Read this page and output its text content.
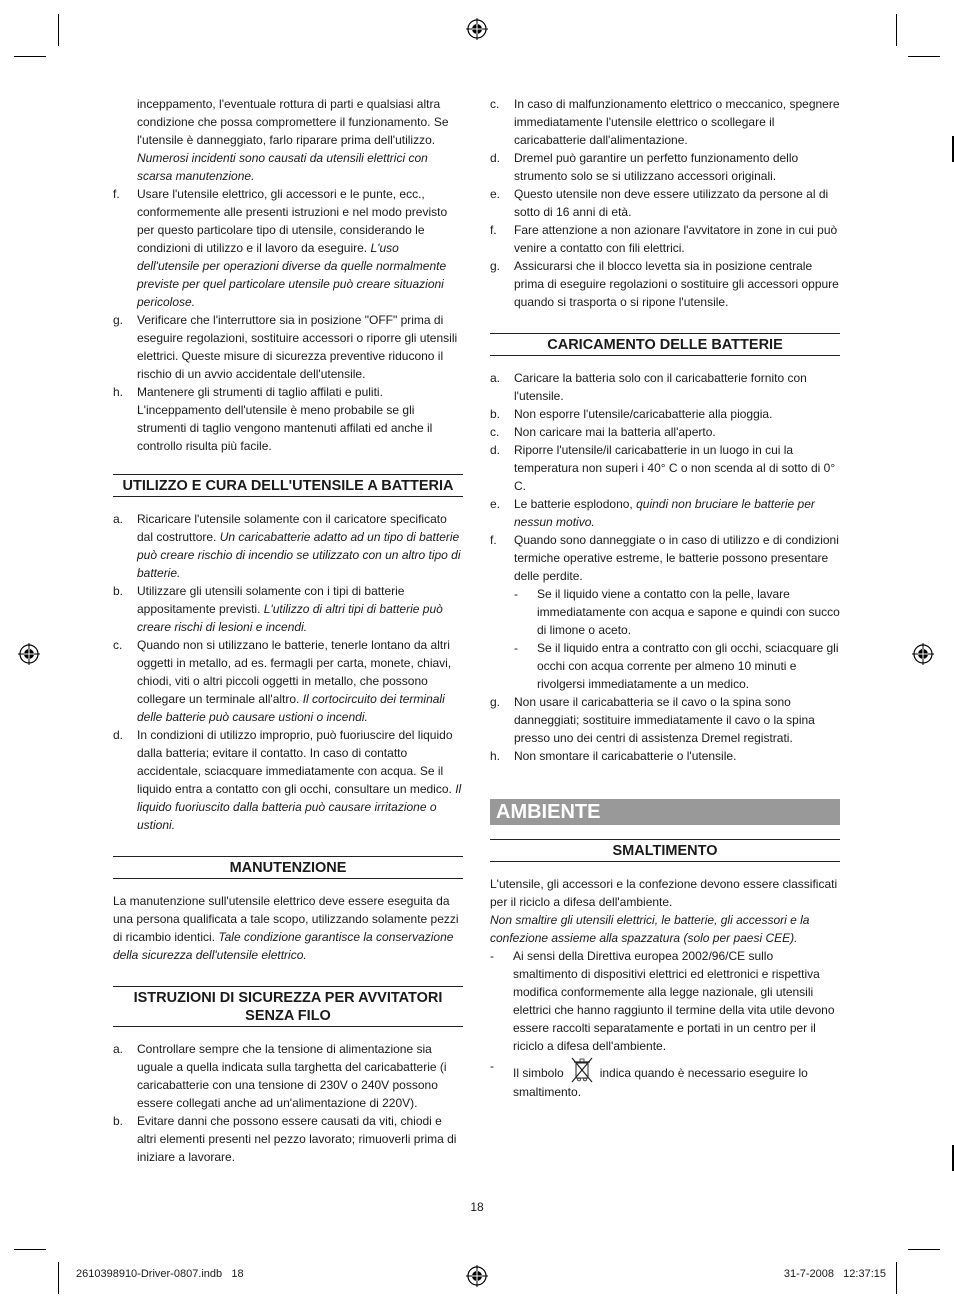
inceppamento, l'eventuale rottura di parti e qualsiasi altra condizione che possa compromettere il funzionamento. Se l'utensile è danneggiato, farlo riparare prima dell'utilizzo. Numerosi incidenti sono causati da utensili elettrici con scarsa manutenzione.
f. Usare l'utensile elettrico, gli accessori e le punte, ecc., conformemente alle presenti istruzioni e nel modo previsto per questo particolare tipo di utensile, considerando le condizioni di utilizzo e il lavoro da eseguire. L'uso dell'utensile per operazioni diverse da quelle normalmente previste per quel particolare utensile può creare situazioni pericolose.
g. Verificare che l'interruttore sia in posizione "OFF" prima di eseguire regolazioni, sostituire accessori o riporre gli utensili elettrici. Queste misure di sicurezza preventive riducono il rischio di un avvio accidentale dell'utensile.
h. Mantenere gli strumenti di taglio affilati e puliti. L'inceppamento dell'utensile è meno probabile se gli strumenti di taglio vengono mantenuti affilati ed anche il controllo risulta più facile.
UTILIZZO E CURA DELL'UTENSILE A BATTERIA
a. Ricaricare l'utensile solamente con il caricatore specificato dal costruttore. Un caricabatterie adatto ad un tipo di batterie può creare rischio di incendio se utilizzato con un altro tipo di batterie.
b. Utilizzare gli utensili solamente con i tipi di batterie appositamente previsti. L'utilizzo di altri tipi di batterie può creare rischi di lesioni e incendi.
c. Quando non si utilizzano le batterie, tenerle lontano da altri oggetti in metallo, ad es. fermagli per carta, monete, chiavi, chiodi, viti o altri piccoli oggetti in metallo, che possono collegare un terminale all'altro. Il cortocircuito dei terminali delle batterie può causare ustioni o incendi.
d. In condizioni di utilizzo improprio, può fuoriuscire del liquido dalla batteria; evitare il contatto. In caso di contatto accidentale, sciacquare immediatamente con acqua. Se il liquido entra a contatto con gli occhi, consultare un medico. Il liquido fuoriuscito dalla batteria può causare irritazione o ustioni.
MANUTENZIONE
La manutenzione sull'utensile elettrico deve essere eseguita da una persona qualificata a tale scopo, utilizzando solamente pezzi di ricambio identici. Tale condizione garantisce la conservazione della sicurezza dell'utensile elettrico.
ISTRUZIONI DI SICUREZZA PER AVVITATORI
SENZA FILO
a. Controllare sempre che la tensione di alimentazione sia uguale a quella indicata sulla targhetta del caricabatterie (i caricabatterie con una tensione di 230V o 240V possono essere collegati anche ad un'alimentazione di 220V).
b. Evitare danni che possono essere causati da viti, chiodi e altri elementi presenti nel pezzo lavorato; rimuoverli prima di iniziare a lavorare.
c. In caso di malfunzionamento elettrico o meccanico, spegnere immediatamente l'utensile elettrico o scollegare il caricabatterie dall'alimentazione.
d. Dremel può garantire un perfetto funzionamento dello strumento solo se si utilizzano accessori originali.
e. Questo utensile non deve essere utilizzato da persone al di sotto di 16 anni di età.
f. Fare attenzione a non azionare l'avvitatore in zone in cui può venire a contatto con fili elettrici.
g. Assicurarsi che il blocco levetta sia in posizione centrale prima di eseguire regolazioni o sostituire gli accessori oppure quando si trasporta o si ripone l'utensile.
CARICAMENTO DELLE BATTERIE
a. Caricare la batteria solo con il caricabatterie fornito con l'utensile.
b. Non esporre l'utensile/caricabatterie alla pioggia.
c. Non caricare mai la batteria all'aperto.
d. Riporre l'utensile/il caricabatterie in un luogo in cui la temperatura non superi i 40° C o non scenda al di sotto di 0° C.
e. Le batterie esplodono, quindi non bruciare le batterie per nessun motivo.
f. Quando sono danneggiate o in caso di utilizzo e di condizioni termiche operative estreme, le batterie possono presentare delle perdite.
- Se il liquido viene a contatto con la pelle, lavare immediatamente con acqua e sapone e quindi con succo di limone o aceto.
- Se il liquido entra a contratto con gli occhi, sciacquare gli occhi con acqua corrente per almeno 10 minuti e rivolgersi immediatamente a un medico.
g. Non usare il caricabatteria se il cavo o la spina sono danneggiati; sostituire immediatamente il cavo o la spina presso uno dei centri di assistenza Dremel registrati.
h. Non smontare il caricabatterie o l'utensile.
AMBIENTE
SMALTIMENTO
L'utensile, gli accessori e la confezione devono essere classificati per il riciclo a difesa dell'ambiente.
Non smaltire gli utensili elettrici, le batterie, gli accessori e la confezione assieme alla spazzatura (solo per paesi CEE).
- Ai sensi della Direttiva europea 2002/96/CE sullo smaltimento di dispositivi elettrici ed elettronici e rispettiva modifica conformemente alla legge nazionale, gli utensili elettrici che hanno raggiunto il termine della vita utile devono essere raccolti separatamente e portati in un centro per il riciclo a difesa dell'ambiente.
- Il simbolo	indica quando è necessario eseguire lo smaltimento.
18
2610398910-Driver-0807.indb   18	31-7-2008   12:37:15
